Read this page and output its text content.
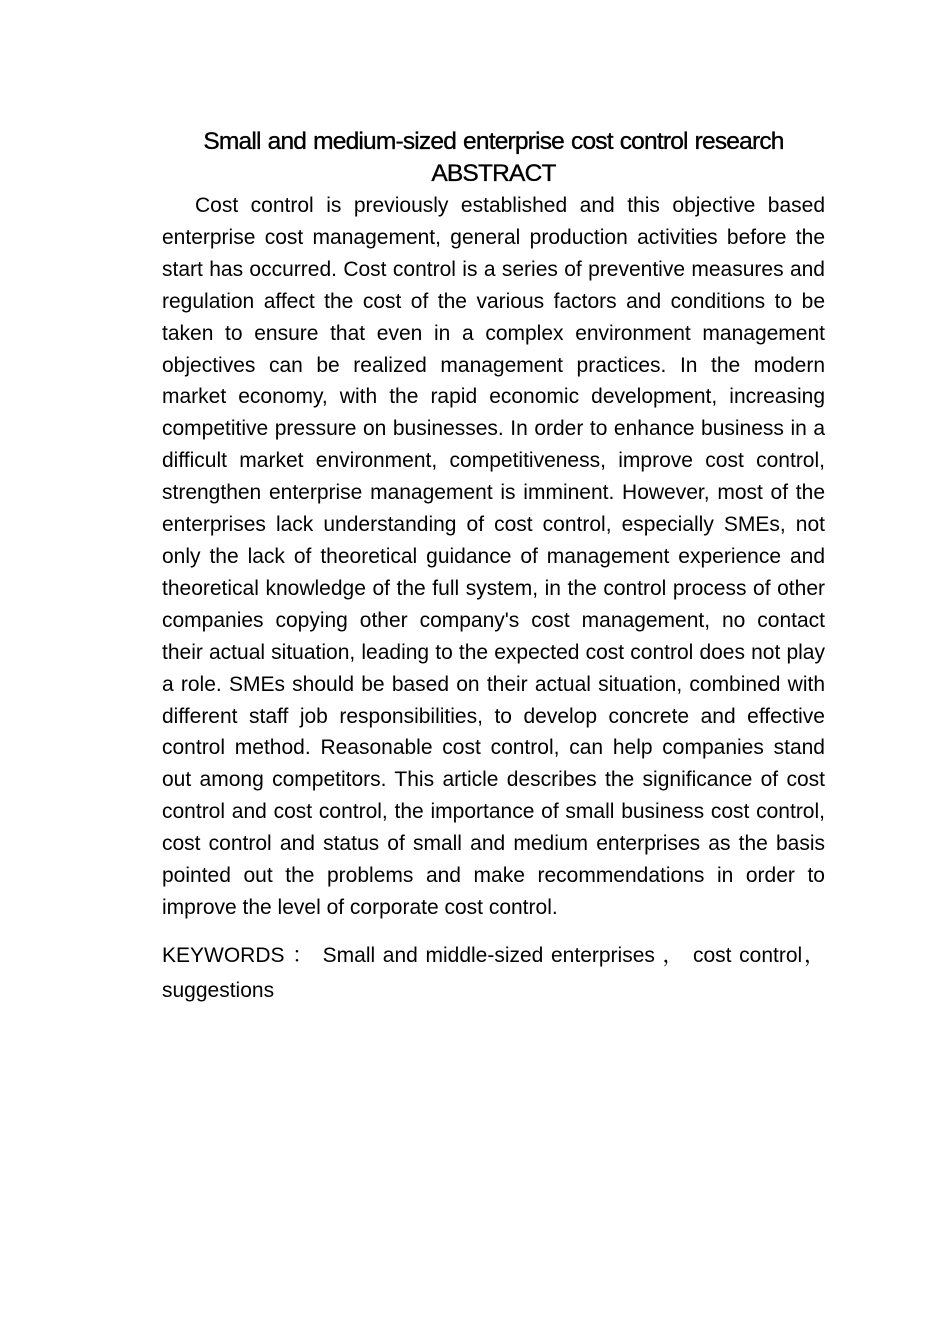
Small and medium-sized enterprise cost control research
ABSTRACT

Cost control is previously established and this objective based enterprise cost management, general production activities before the start has occurred. Cost control is a series of preventive measures and regulation affect the cost of the various factors and conditions to be taken to ensure that even in a complex environment management objectives can be realized management practices. In the modern market economy, with the rapid economic development, increasing competitive pressure on businesses. In order to enhance business in a difficult market environment, competitiveness, improve cost control, strengthen enterprise management is imminent. However, most of the enterprises lack understanding of cost control, especially SMEs, not only the lack of theoretical guidance of management experience and theoretical knowledge of the full system, in the control process of other companies copying other company's cost management, no contact their actual situation, leading to the expected cost control does not play a role. SMEs should be based on their actual situation, combined with different staff job responsibilities, to develop concrete and effective control method. Reasonable cost control, can help companies stand out among competitors. This article describes the significance of cost control and cost control, the importance of small business cost control, cost control and status of small and medium enterprises as the basis pointed out the problems and make recommendations in order to improve the level of corporate cost control.

KEYWORDS ： Small and middle-sized enterprises ， cost control，suggestions
